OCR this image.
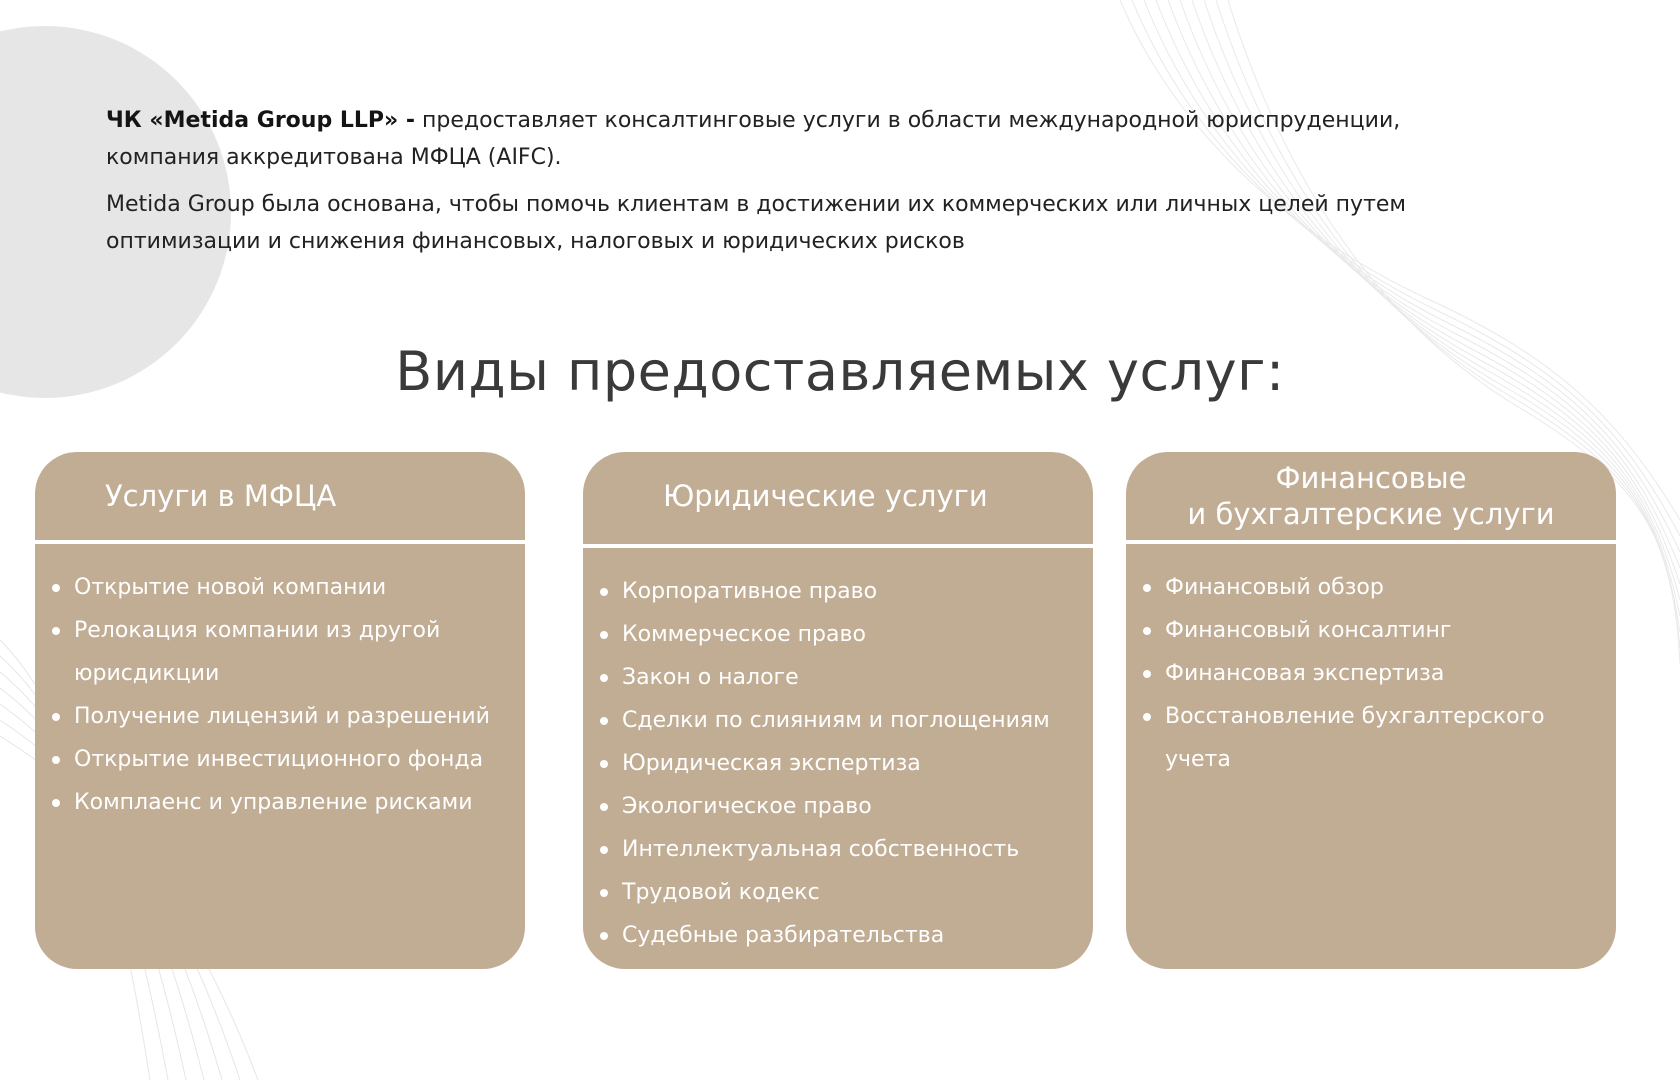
ЧК «Metida Group LLP» - предоставляет консалтинговые услуги в области международной юриспруденции, компания аккредитована МФЦА (AIFC).

Metida Group была основана, чтобы помочь клиентам в достижении их коммерческих или личных целей путем оптимизации и снижения финансовых, налоговых и юридических рисков

Виды предоставляемых услуг:
Услуги в МФЦА
Открытие новой компании
Релокация компании из другой юрисдикции
Получение лицензий и разрешений
Открытие инвестиционного фонда
Комплаенс и управление рисками
Юридические услуги
Корпоративное право
Коммерческое право
Закон о налоге
Сделки по слияниям и поглощениям
Юридическая экспертиза
Экологическое право
Интеллектуальная собственность
Трудовой кодекс
Судебные разбирательства
Финансовые
и бухгалтерские услуги
Финансовый обзор
Финансовый консалтинг
Финансовая экспертиза
Восстановление бухгалтерского учета
